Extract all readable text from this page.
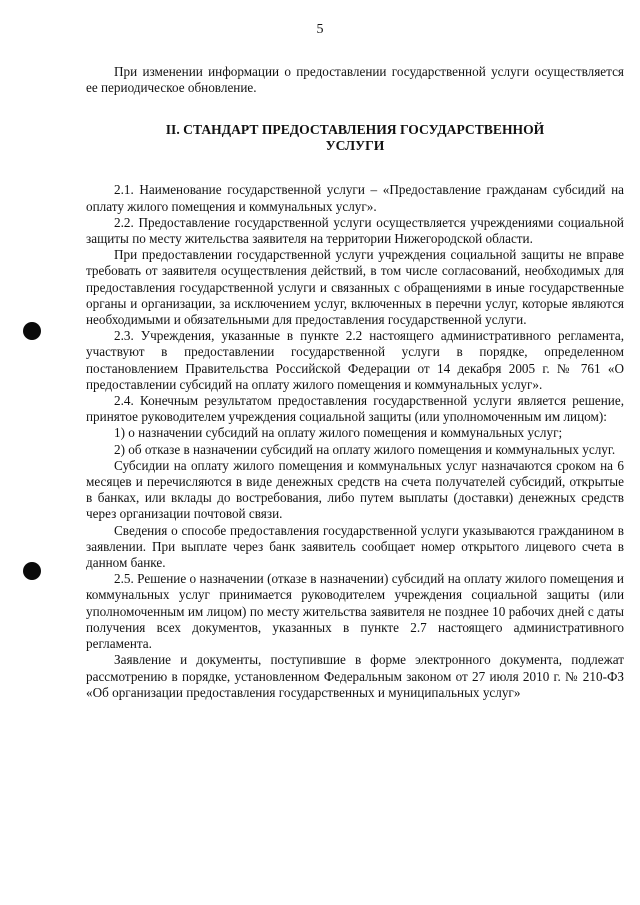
5

При изменении информации о предоставлении государственной услуги осуществляется ее периодическое обновление.

II. СТАНДАРТ ПРЕДОСТАВЛЕНИЯ ГОСУДАРСТВЕННОЙ
УСЛУГИ

2.1. Наименование государственной услуги – «Предоставление гражданам субсидий на оплату жилого помещения и коммунальных услуг».

2.2. Предоставление государственной услуги осуществляется учреждениями социальной защиты по месту жительства заявителя на территории Нижегородской области.

При предоставлении государственной услуги учреждения социальной защиты не вправе требовать от заявителя осуществления действий, в том числе согласований, необходимых для предоставления государственной услуги и связанных с обращениями в иные государственные органы и организации, за исключением услуг, включенных в перечни услуг, которые являются необходимыми и обязательными для предоставления государственной услуги.

2.3. Учреждения, указанные в пункте 2.2 настоящего административного регламента, участвуют в предоставлении государственной услуги в порядке, определенном постановлением Правительства Российской Федерации от 14 декабря 2005 г. № 761 «О предоставлении субсидий на оплату жилого помещения и коммунальных услуг».

2.4. Конечным результатом предоставления государственной услуги является решение, принятое руководителем учреждения социальной защиты (или уполномоченным им лицом):

1) о назначении субсидий на оплату жилого помещения и коммунальных услуг;

2) об отказе в назначении субсидий на оплату жилого помещения и коммунальных услуг.

Субсидии на оплату жилого помещения и коммунальных услуг назначаются сроком на 6 месяцев и перечисляются в виде денежных средств на счета получателей субсидий, открытые в банках, или вклады до востребования, либо путем выплаты (доставки) денежных средств через организации почтовой связи.

Сведения о способе предоставления государственной услуги указываются гражданином в заявлении. При выплате через банк заявитель сообщает номер открытого лицевого счета в данном банке.

2.5. Решение о назначении (отказе в назначении) субсидий на оплату жилого помещения и коммунальных услуг принимается руководителем учреждения социальной защиты (или уполномоченным им лицом) по месту жительства заявителя не позднее 10 рабочих дней с даты получения всех документов, указанных в пункте 2.7 настоящего административного регламента.

Заявление и документы, поступившие в форме электронного документа, подлежат рассмотрению в порядке, установленном Федеральным законом от 27 июля 2010 г. № 210-ФЗ «Об организации предоставления государственных и муниципальных услуг»
